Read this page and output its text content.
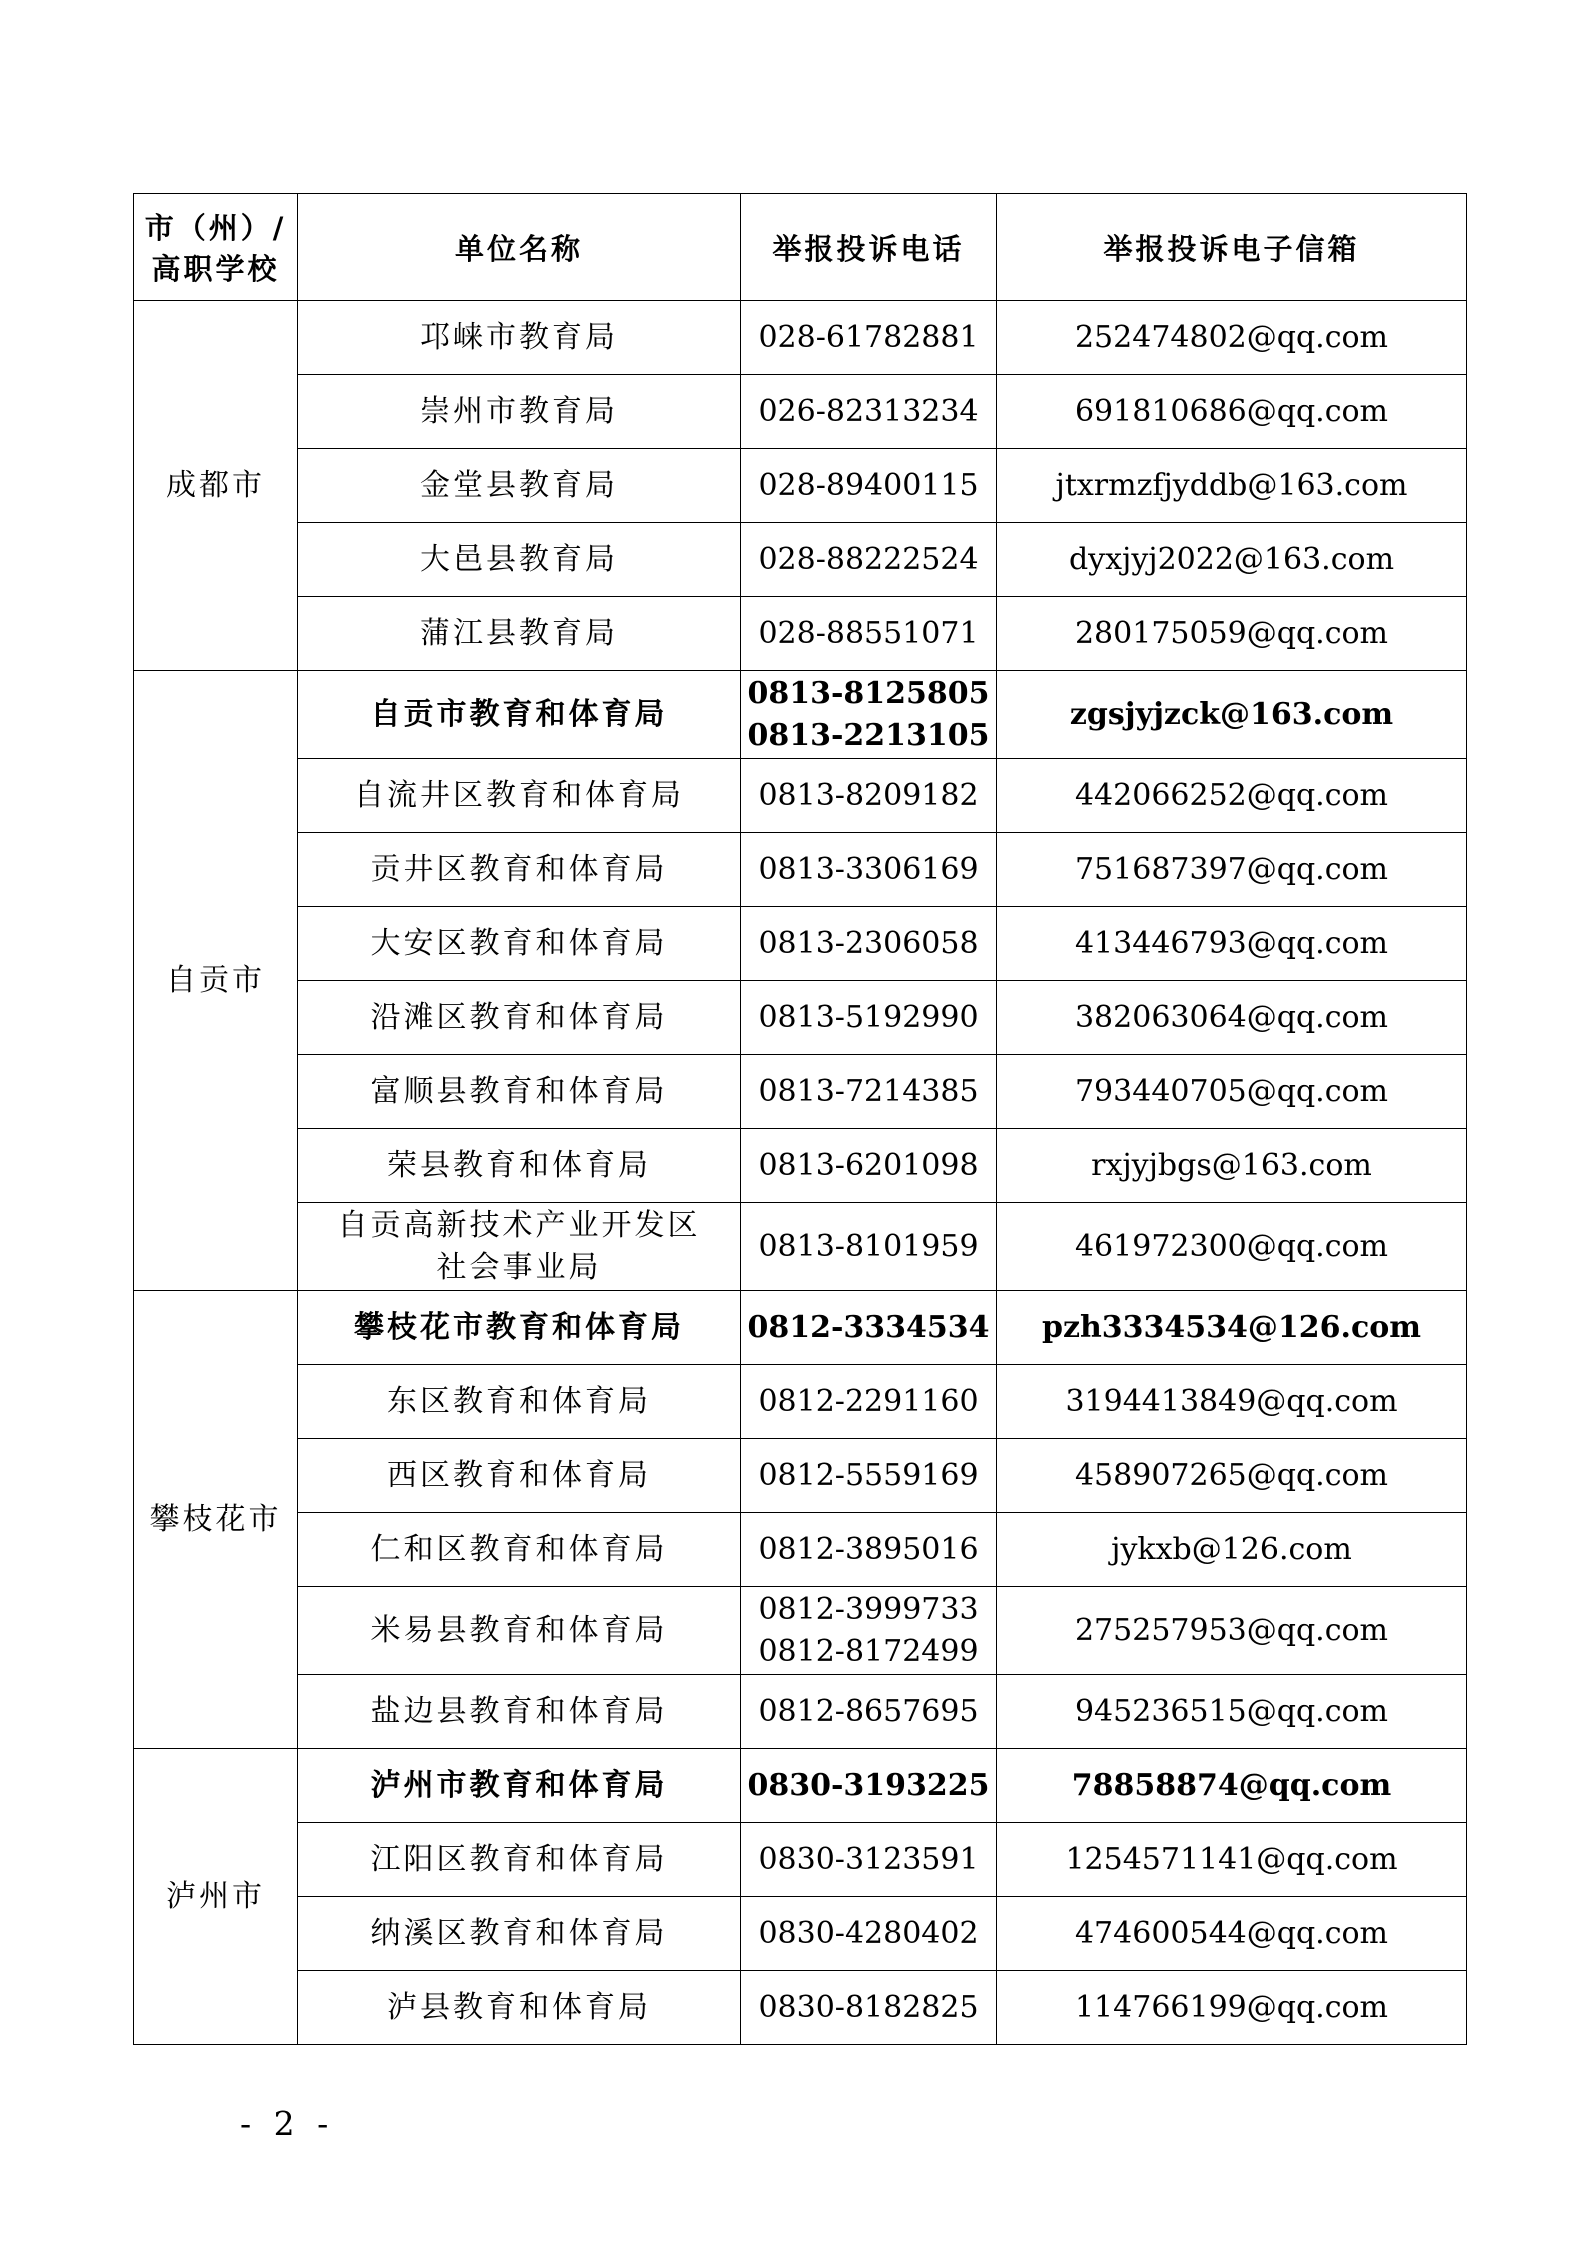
市（州）/
高职学校	单位名称	举报投诉电话	举报投诉电子信箱
成都市	邛崃市教育局	028-61782881	252474802@qq.com

	崇州市教育局	026-82313234	691810686@qq.com

	金堂县教育局	028-89400115	jtxrmzfjyddb@163.com

	大邑县教育局	028-88222524	dyxjyj2022@163.com

	蒲江县教育局	028-88551071	280175059@qq.com
自贡市	自贡市教育和体育局	0813-8125805
0813-2213105	zgsjyjzck@163.com

	自流井区教育和体育局	0813-8209182	442066252@qq.com

	贡井区教育和体育局	0813-3306169	751687397@qq.com

	大安区教育和体育局	0813-2306058	413446793@qq.com

	沿滩区教育和体育局	0813-5192990	382063064@qq.com

	富顺县教育和体育局	0813-7214385	793440705@qq.com

	荣县教育和体育局	0813-6201098	rxjyjbgs@163.com

	自贡高新技术产业开发区
社会事业局	0813-8101959	461972300@qq.com
攀枝花市	攀枝花市教育和体育局	0812-3334534	pzh3334534@126.com

	东区教育和体育局	0812-2291160	3194413849@qq.com

	西区教育和体育局	0812-5559169	458907265@qq.com

	仁和区教育和体育局	0812-3895016	jykxb@126.com

	米易县教育和体育局	0812-3999733
0812-8172499	275257953@qq.com

	盐边县教育和体育局	0812-8657695	945236515@qq.com
泸州市	泸州市教育和体育局	0830-3193225	78858874@qq.com

	江阳区教育和体育局	0830-3123591	1254571141@qq.com

	纳溪区教育和体育局	0830-4280402	474600544@qq.com

	泸县教育和体育局	0830-8182825	114766199@qq.com
- 2 -
